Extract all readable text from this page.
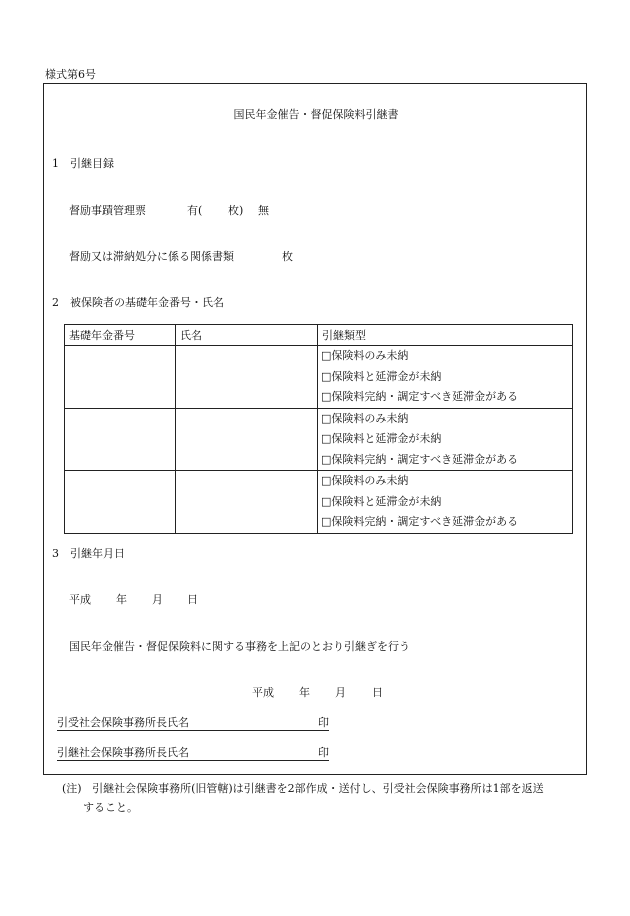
様式第6号
国民年金催告・督促保険料引継書
1　引継目録
督励事蹟管理票	有( 枚) 無
督励又は滞納処分に係る関係書類	枚
2　被保険者の基礎年金番号・氏名
基礎年金番号	氏名	引継類型

		□保険料のみ未納
□保険料と延滞金が未納
□保険料完納・調定すべき延滞金がある

		□保険料のみ未納
□保険料と延滞金が未納
□保険料完納・調定すべき延滞金がある

		□保険料のみ未納
□保険料と延滞金が未納
□保険料完納・調定すべき延滞金がある
3　引継年月日
平成 年 月 日
国民年金催告・督促保険料に関する事務を上記のとおり引継ぎを行う
平成 年 月 日
引受社会保険事務所長氏名	印
引継社会保険事務所長氏名	印
(注) 引継社会保険事務所(旧管轄)は引継書を2部作成・送付し、引受社会保険事務所は1部を返送
すること。
